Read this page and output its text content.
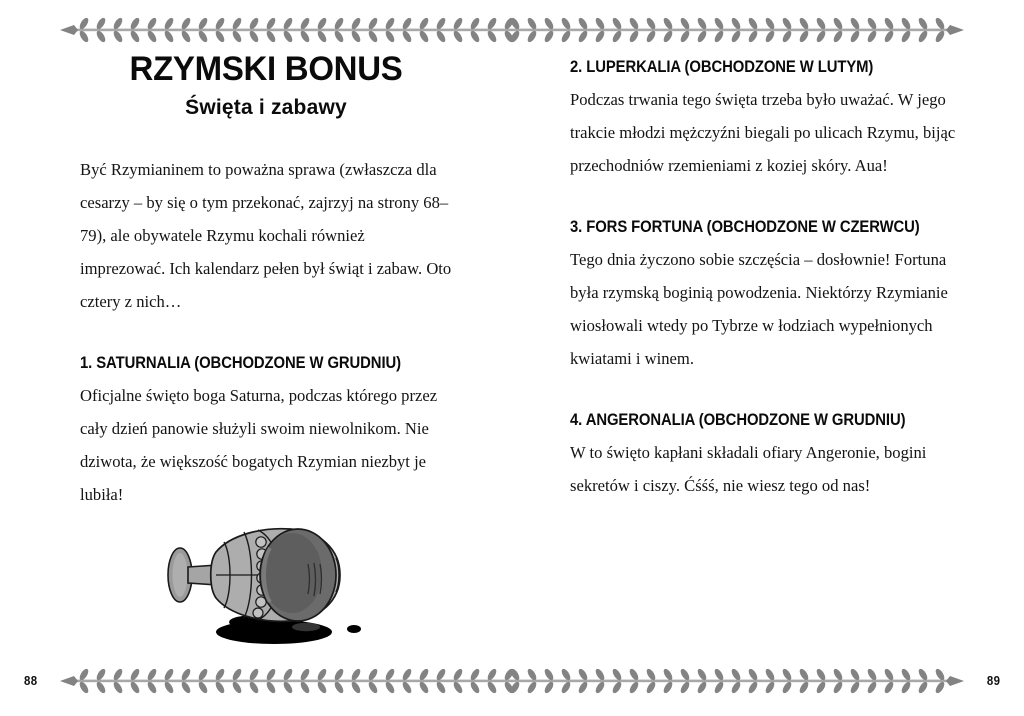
RZYMSKI BONUS
Święta i zabawy

Być Rzymianinem to poważna sprawa (zwłaszcza dla cesarzy – by się o tym przekonać, zajrzyj na strony 68–79), ale obywatele Rzymu kochali również imprezować. Ich kalendarz pełen był świąt i zabaw. Oto cztery z nich…

1. SATURNALIA (OBCHODZONE W GRUDNIU)

Oficjalne święto boga Saturna, podczas którego przez cały dzień panowie służyli swoim niewolnikom. Nie dziwota, że większość bogatych Rzymian niezbyt je lubiła!

2. LUPERKALIA (OBCHODZONE W LUTYM)

Podczas trwania tego święta trzeba było uważać. W jego trakcie młodzi mężczyźni biegali po ulicach Rzymu, bijąc przechodniów rzemieniami z koziej skóry. Aua!

3. FORS FORTUNA (OBCHODZONE W CZERWCU)

Tego dnia życzono sobie szczęścia – dosłownie! Fortuna była rzymską boginią powodzenia. Niektórzy Rzymianie wiosłowali wtedy po Tybrze w łodziach wypełnionych kwiatami i winem.

4. ANGERONALIA (OBCHODZONE W GRUDNIU)

W to święto kapłani składali ofiary Angeronie, bogini sekretów i ciszy. Ćśśś, nie wiesz tego od nas!

88	89
